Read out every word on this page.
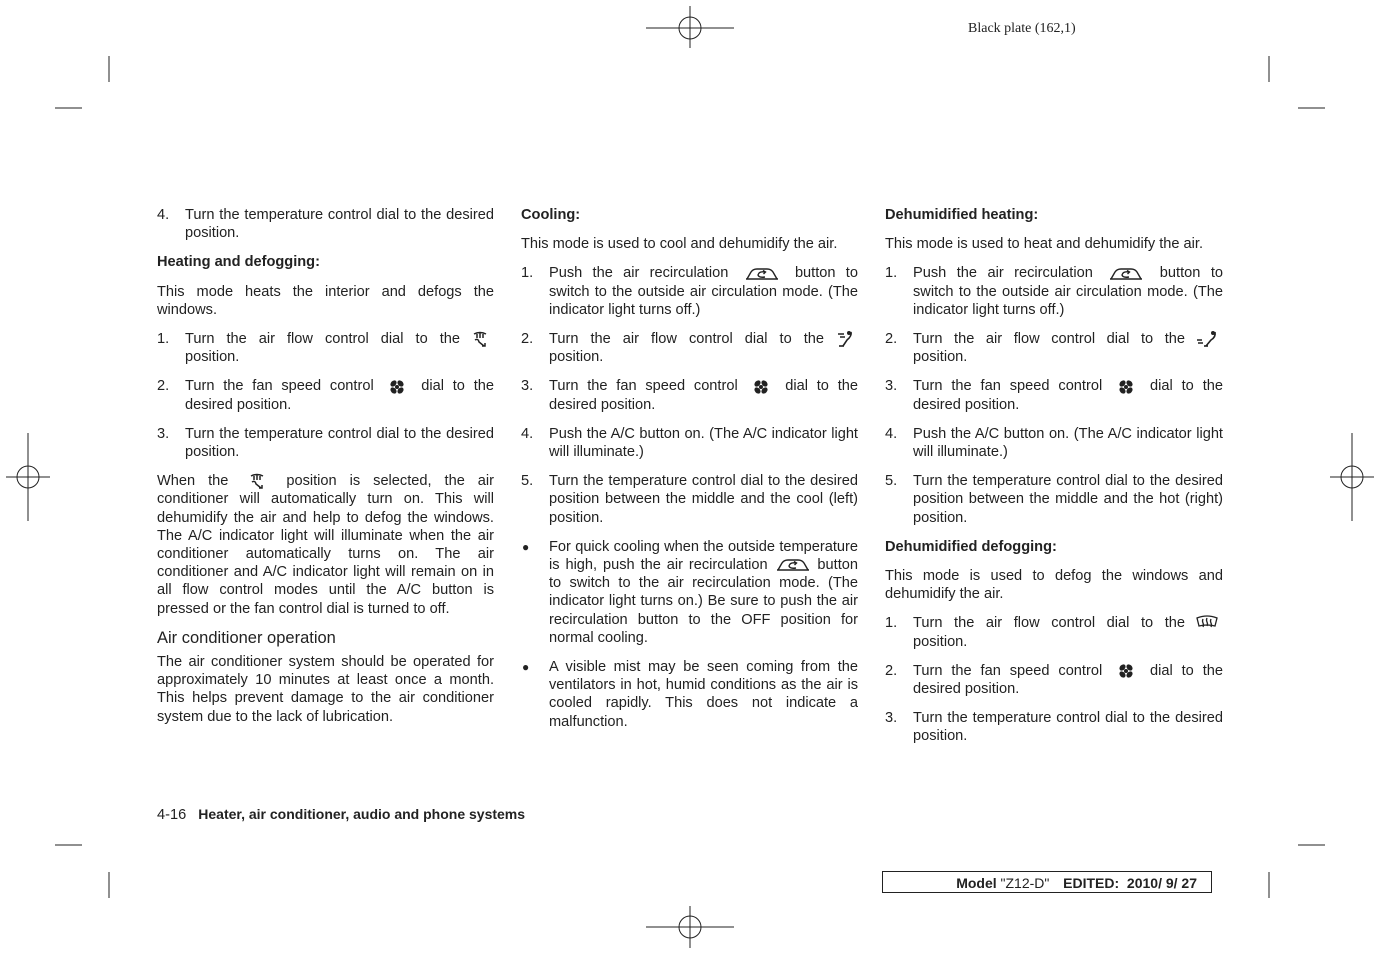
Black plate (162,1)
4. Turn the temperature control dial to the desired position.

Heating and defogging:

This mode heats the interior and defogs the windows.

1. Turn the air flow control dial to the position.
2. Turn the fan speed control	dial to the desired position.
3. Turn the temperature control dial to the desired position.

When the	position is selected, the air conditioner will automatically turn on. This will dehumidify the air and help to defog the windows. The A/C indicator light will illuminate when the air conditioner automatically turns on. The air conditioner and A/C indicator light will remain on in all flow control modes until the A/C button is pressed or the fan control dial is turned to off.

Air conditioner operation

The air conditioner system should be operated for approximately 10 minutes at least once a month. This helps prevent damage to the air conditioner system due to the lack of lubrication.

Cooling:

This mode is used to cool and dehumidify the air.

1. Push the air recirculation	button to switch to the outside air circulation mode. (The indicator light turns off.)
2. Turn the air flow control dial to the position.
3. Turn the fan speed control	dial to the desired position.
4. Push the A/C button on. (The A/C indicator light will illuminate.)
5. Turn the temperature control dial to the desired position between the middle and the cool (left) position.
● For quick cooling when the outside temperature is high, push the air recirculation	button to switch to the air recirculation mode. (The indicator light turns on.) Be sure to push the air recirculation button to the OFF position for normal cooling.
● A visible mist may be seen coming from the ventilators in hot, humid conditions as the air is cooled rapidly. This does not indicate a malfunction.

Dehumidified heating:

This mode is used to heat and dehumidify the air.

1. Push the air recirculation	button to switch to the outside air circulation mode. (The indicator light turns off.)
2. Turn the air flow control dial to the position.
3. Turn the fan speed control	dial to the desired position.
4. Push the A/C button on. (The A/C indicator light will illuminate.)
5. Turn the temperature control dial to the desired position between the middle and the hot (right) position.

Dehumidified defogging:

This mode is used to defog the windows and dehumidify the air.

1. Turn the air flow control dial to the position.
2. Turn the fan speed control	dial to the desired position.
3. Turn the temperature control dial to the desired position.
4-16 Heater, air conditioner, audio and phone systems
Model "Z12-D" EDITED:  2010/ 9/ 27
